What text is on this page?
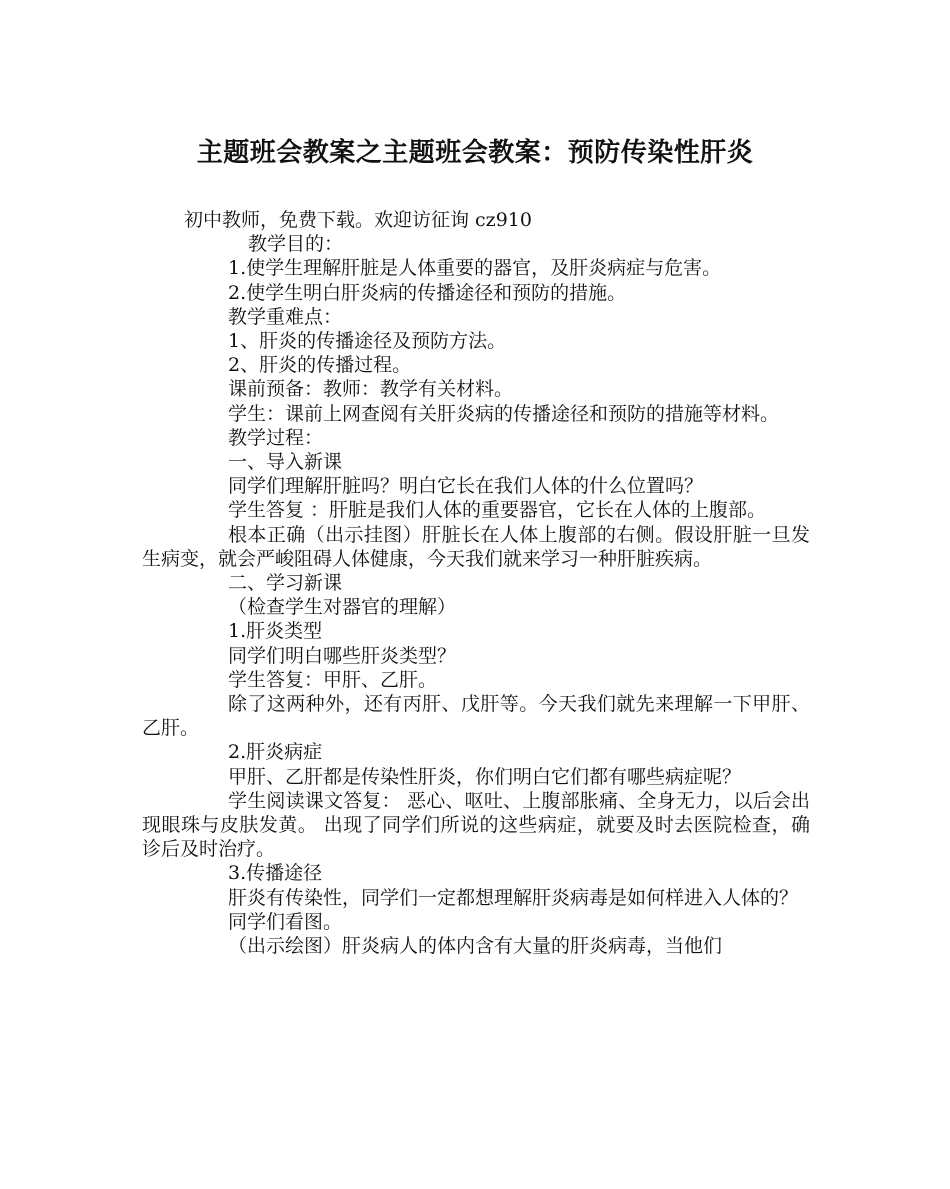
主题班会教案之主题班会教案：预防传染性肝炎

初中教师，免费下载。欢迎访征询 cz910

教学目的：

1.使学生理解肝脏是人体重要的器官，及肝炎病症与危害。

2.使学生明白肝炎病的传播途径和预防的措施。

教学重难点：

1、肝炎的传播途径及预防方法。

2、肝炎的传播过程。

课前预备：教师：教学有关材料。

学生：课前上网查阅有关肝炎病的传播途径和预防的措施等材料。

教学过程：

一、导入新课

同学们理解肝脏吗？明白它长在我们人体的什么位置吗？

学生答复 ：肝脏是我们人体的重要器官，它长在人体的上腹部。

根本正确（出示挂图）肝脏长在人体上腹部的右侧。假设肝脏一旦发生病变，就会严峻阻碍人体健康，今天我们就来学习一种肝脏疾病。

二、学习新课

（检查学生对器官的理解）

1.肝炎类型

同学们明白哪些肝炎类型？

学生答复：甲肝、乙肝。

除了这两种外，还有丙肝、戊肝等。今天我们就先来理解一下甲肝、乙肝。

2.肝炎病症

甲肝、乙肝都是传染性肝炎，你们明白它们都有哪些病症呢？

学生阅读课文答复： 恶心、呕吐、上腹部胀痛、全身无力，以后会出现眼珠与皮肤发黄。 出现了同学们所说的这些病症，就要及时去医院检查，确诊后及时治疗。

3.传播途径

肝炎有传染性，同学们一定都想理解肝炎病毒是如何样进入人体的？

同学们看图。

（出示绘图）肝炎病人的体内含有大量的肝炎病毒，当他们
